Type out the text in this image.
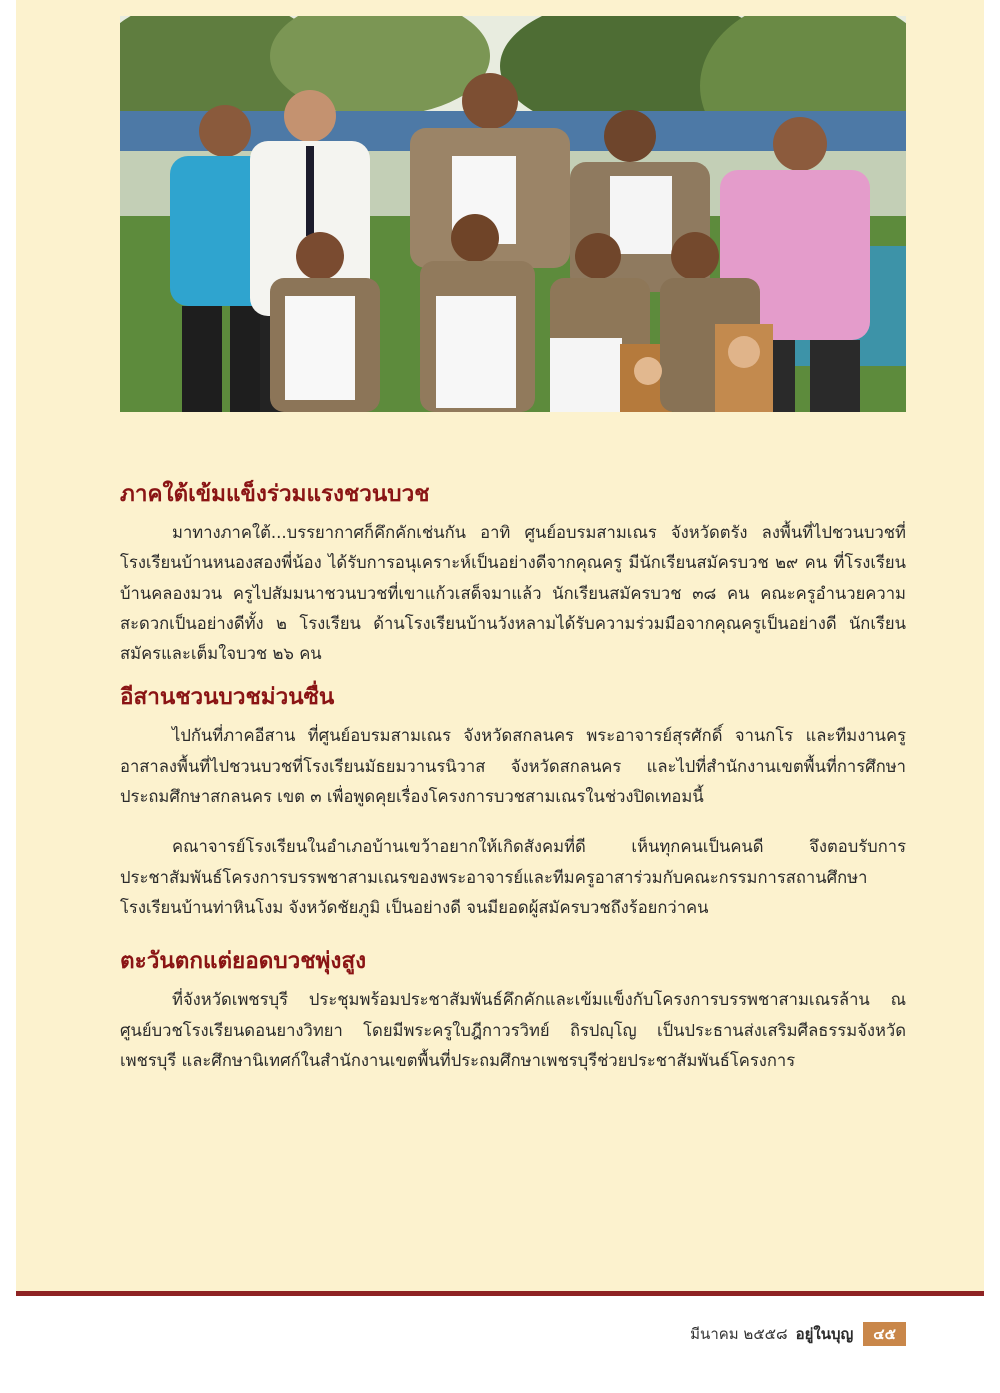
ภาคใต้เข้มแข็งร่วมแรงชวนบวช

มาทางภาคใต้...บรรยากาศก็คึกคักเช่นกัน อาทิ ศูนย์อบรมสามเณร จังหวัดตรัง ลงพื้นที่ไปชวนบวชที่โรงเรียนบ้านหนองสองพี่น้อง ได้รับการอนุเคราะห์เป็นอย่างดีจากคุณครู มีนักเรียนสมัครบวช ๒๙ คน ที่โรงเรียนบ้านคลองมวน ครูไปสัมมนาชวนบวชที่เขาแก้วเสด็จมาแล้ว นักเรียนสมัครบวช ๓๘ คน คณะครูอำนวยความสะดวกเป็นอย่างดีทั้ง ๒ โรงเรียน ด้านโรงเรียนบ้านวังหลามได้รับความร่วมมือจากคุณครูเป็นอย่างดี นักเรียนสมัครและเต็มใจบวช ๒๖ คน

อีสานชวนบวชม่วนซื่น

ไปกันที่ภาคอีสาน ที่ศูนย์อบรมสามเณร จังหวัดสกลนคร พระอาจารย์สุรศักดิ์ จานกโร และทีมงานครูอาสาลงพื้นที่ไปชวนบวชที่โรงเรียนมัธยมวานรนิวาส จังหวัดสกลนคร และไปที่สำนักงานเขตพื้นที่การศึกษาประถมศึกษาสกลนคร เขต ๓ เพื่อพูดคุยเรื่องโครงการบวชสามเณรในช่วงปิดเทอมนี้

คณาจารย์โรงเรียนในอำเภอบ้านเขว้าอยากให้เกิดสังคมที่ดี เห็นทุกคนเป็นคนดี จึงตอบรับการประชาสัมพันธ์โครงการบรรพชาสามเณรของพระอาจารย์และทีมครูอาสาร่วมกับคณะกรรมการสถานศึกษาโรงเรียนบ้านท่าหินโงม จังหวัดชัยภูมิ เป็นอย่างดี จนมียอดผู้สมัครบวชถึงร้อยกว่าคน

ตะวันตกแต่ยอดบวชพุ่งสูง

ที่จังหวัดเพชรบุรี ประชุมพร้อมประชาสัมพันธ์คึกคักและเข้มแข็งกับโครงการบรรพชาสามเณรล้าน ณ ศูนย์บวชโรงเรียนดอนยางวิทยา โดยมีพระครูใบฎีกาวรวิทย์ ถิรปญฺโญ เป็นประธานส่งเสริมศีลธรรมจังหวัดเพชรบุรี และศึกษานิเทศก์ในสำนักงานเขตพื้นที่ประถมศึกษาเพชรบุรีช่วยประชาสัมพันธ์โครงการ

มีนาคม ๒๕๕๘ อยู่ในบุญ	๔๕
